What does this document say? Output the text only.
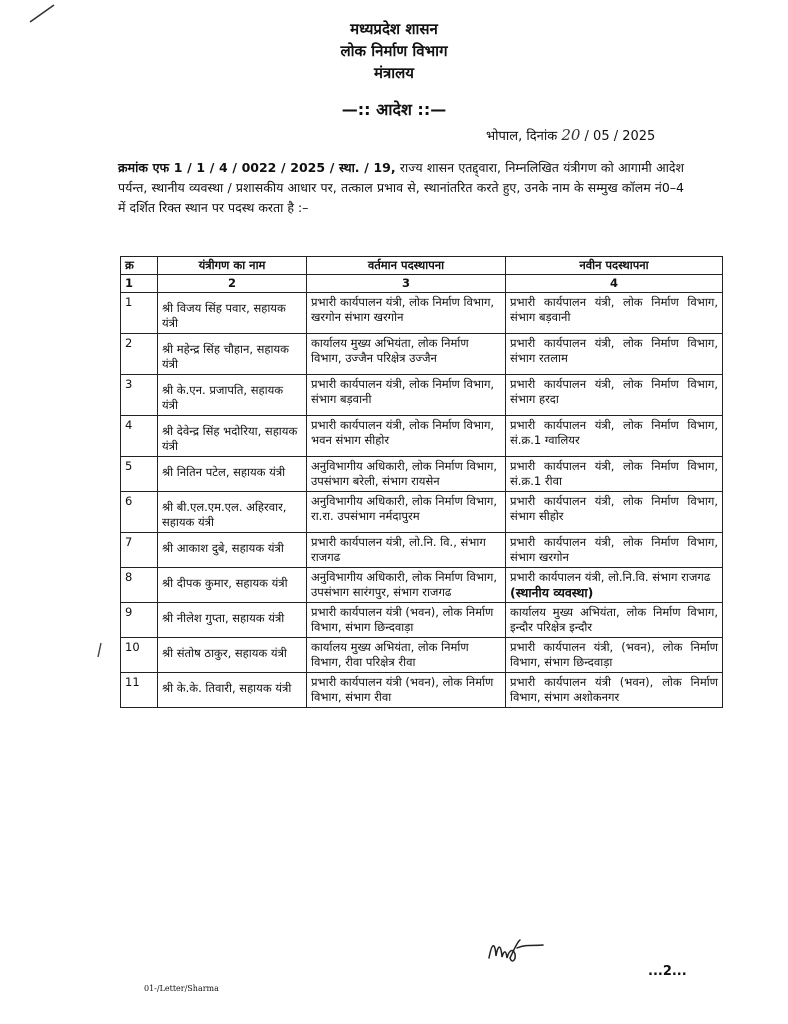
मध्यप्रदेश शासन
लोक निर्माण विभाग
मंत्रालय
—:: आदेश ::—
भोपाल, दिनांक 20 / 05 / 2025
क्रमांक एफ 1 / 1 / 4 / 0022 / 2025 / स्था. / 19, राज्य शासन एतद्द्वारा, निम्नलिखित यंत्रीगण को आगामी आदेश पर्यन्त, स्थानीय व्यवस्था / प्रशासकीय आधार पर, तत्काल प्रभाव से, स्थानांतरित करते हुए, उनके नाम के सम्मुख कॉलम नं0–4 में दर्शित रिक्त स्थान पर पदस्थ करता है :–
क्र	यंत्रीगण का नाम	वर्तमान पदस्थापना	नवीन पदस्थापना
1	2	3	4
1	श्री विजय सिंह पवार, सहायक यंत्री	प्रभारी कार्यपालन यंत्री, लोक निर्माण विभाग, खरगोन संभाग खरगोन	प्रभारी कार्यपालन यंत्री, लोक निर्माण विभाग, संभाग बड़वानी
2	श्री महेन्द्र सिंह चौहान, सहायक यंत्री	कार्यालय मुख्य अभियंता, लोक निर्माण विभाग, उज्जैन परिक्षेत्र उज्जैन	प्रभारी कार्यपालन यंत्री, लोक निर्माण विभाग, संभाग रतलाम
3	श्री के.एन. प्रजापति, सहायक यंत्री	प्रभारी कार्यपालन यंत्री, लोक निर्माण विभाग, संभाग बड़वानी	प्रभारी कार्यपालन यंत्री, लोक निर्माण विभाग, संभाग हरदा
4	श्री देवेन्द्र सिंह भदोरिया, सहायक यंत्री	प्रभारी कार्यपालन यंत्री, लोक निर्माण विभाग, भवन संभाग सीहोर	प्रभारी कार्यपालन यंत्री, लोक निर्माण विभाग, सं.क्र.1 ग्वालियर
5	श्री नितिन पटेल, सहायक यंत्री	अनुविभागीय अधिकारी, लोक निर्माण विभाग, उपसंभाग बरेली, संभाग रायसेन	प्रभारी कार्यपालन यंत्री, लोक निर्माण विभाग, सं.क्र.1 रीवा
6	श्री बी.एल.एम.एल. अहिरवार, सहायक यंत्री	अनुविभागीय अधिकारी, लोक निर्माण विभाग, रा.रा. उपसंभाग नर्मदापुरम	प्रभारी कार्यपालन यंत्री, लोक निर्माण विभाग, संभाग सीहोर
7	श्री आकाश दुबे, सहायक यंत्री	प्रभारी कार्यपालन यंत्री, लो.नि. वि., संभाग राजगढ	प्रभारी कार्यपालन यंत्री, लोक निर्माण विभाग, संभाग खरगोन
8	श्री दीपक कुमार, सहायक यंत्री	अनुविभागीय अधिकारी, लोक निर्माण विभाग, उपसंभाग सारंगपुर, संभाग राजगढ	प्रभारी कार्यपालन यंत्री, लो.नि.वि. संभाग राजगढ
(स्थानीय व्यवस्था)

9	श्री नीलेश गुप्ता, सहायक यंत्री	प्रभारी कार्यपालन यंत्री (भवन), लोक निर्माण विभाग, संभाग छिन्दवाड़ा	कार्यालय मुख्य अभियंता, लोक निर्माण विभाग, इन्दौर परिक्षेत्र इन्दौर
10	श्री संतोष ठाकुर, सहायक यंत्री	कार्यालय मुख्य अभियंता, लोक निर्माण विभाग, रीवा परिक्षेत्र रीवा	प्रभारी कार्यपालन यंत्री, (भवन), लोक निर्माण विभाग, संभाग छिन्दवाड़ा
11	श्री के.के. तिवारी, सहायक यंत्री	प्रभारी कार्यपालन यंत्री (भवन), लोक निर्माण विभाग, संभाग रीवा	प्रभारी कार्यपालन यंत्री (भवन), लोक निर्माण विभाग, संभाग अशोकनगर
...2...
01-/Letter/Sharma
